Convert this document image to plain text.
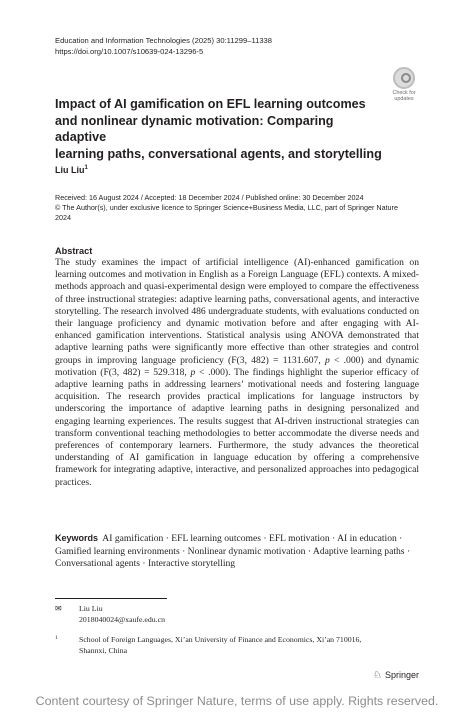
Education and Information Technologies (2025) 30:11299–11338
https://doi.org/10.1007/s10639-024-13296-5
Check for
updates
Impact of AI gamification on EFL learning outcomes
and nonlinear dynamic motivation: Comparing adaptive
learning paths, conversational agents, and storytelling
Liu Liu$^1$
Received: 16 August 2024 / Accepted: 18 December 2024 / Published online: 30 December 2024
© The Author(s), under exclusive licence to Springer Science+Business Media, LLC, part of Springer Nature
2024
Abstract
The study examines the impact of artificial intelligence (AI)-enhanced gamification on learning outcomes and motivation in English as a Foreign Language (EFL) contexts. A mixed-methods approach and quasi-experimental design were employed to compare the effectiveness of three instructional strategies: adaptive learning paths, conversational agents, and interactive storytelling. The research involved 486 undergraduate students, with evaluations conducted on their language proficiency and dynamic motivation before and after engaging with AI-enhanced gamification interventions. Statistical analysis using ANOVA demonstrated that adaptive learning paths were significantly more effective than other strategies and control groups in improving language proficiency (F(3, 482) = 1131.607, p < .000) and dynamic motivation (F(3, 482) = 529.318, p < .000). The findings highlight the superior efficacy of adaptive learning paths in addressing learners’ motivational needs and fostering language acquisition. The research provides practical implications for language instructors by underscoring the importance of adaptive learning paths in designing personalized and engaging learning experiences. The results suggest that AI-driven instructional strategies can transform conventional teaching methodologies to better accommodate the diverse needs and preferences of contemporary learners. Furthermore, the study advances the theoretical understanding of AI gamification in language education by offering a comprehensive framework for integrating adaptive, interactive, and personalized approaches into pedagogical practices.
Keywords AI gamification · EFL learning outcomes · EFL motivation · AI in education · Gamified learning environments · Nonlinear dynamic motivation · Adaptive learning paths · Conversational agents · Interactive storytelling
✉ Liu Liu
2018040024@xaufe.edu.cn
1	School of Foreign Languages, Xi’an University of Finance and Economics, Xi’an 710016,
Shannxi, China
♘ Springer
Content courtesy of Springer Nature, terms of use apply. Rights reserved.
